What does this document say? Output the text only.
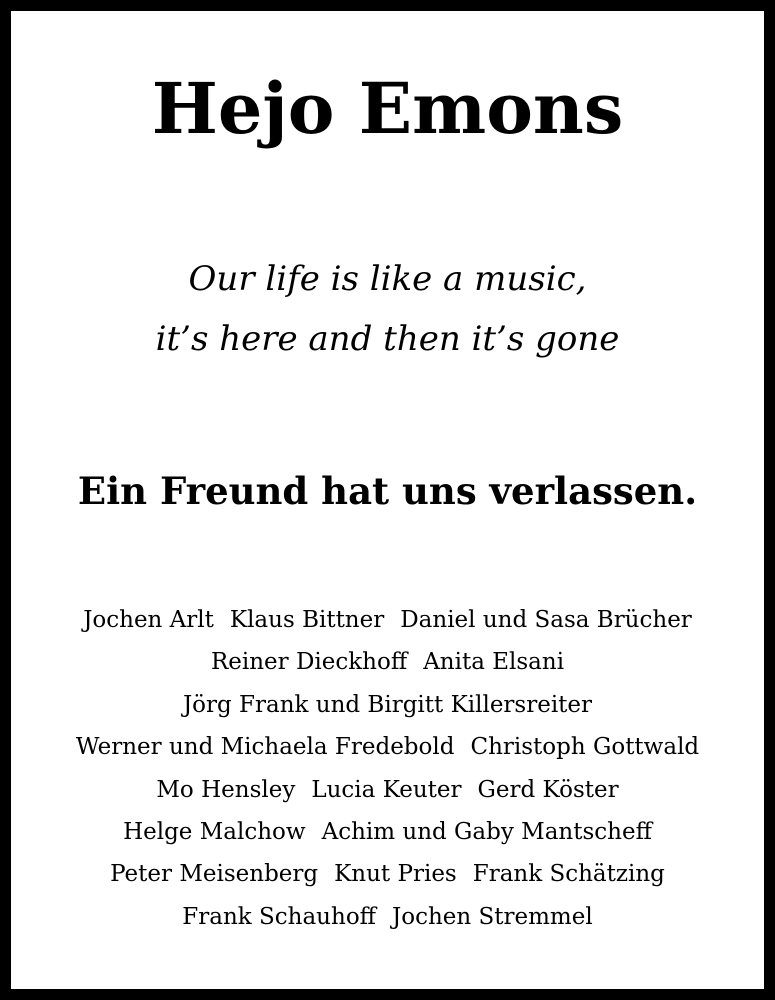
Hejo Emons
Our life is like a music,
it’s here and then it’s gone
Ein Freund hat uns verlassen.
Jochen Arlt Klaus Bittner Daniel und Sasa Brücher
Reiner Dieckhoff Anita Elsani
Jörg Frank und Birgitt Killersreiter
Werner und Michaela Fredebold Christoph Gottwald
Mo Hensley Lucia Keuter Gerd Köster
Helge Malchow Achim und Gaby Mantscheff
Peter Meisenberg Knut Pries Frank Schätzing
Frank Schauhoff Jochen Stremmel
